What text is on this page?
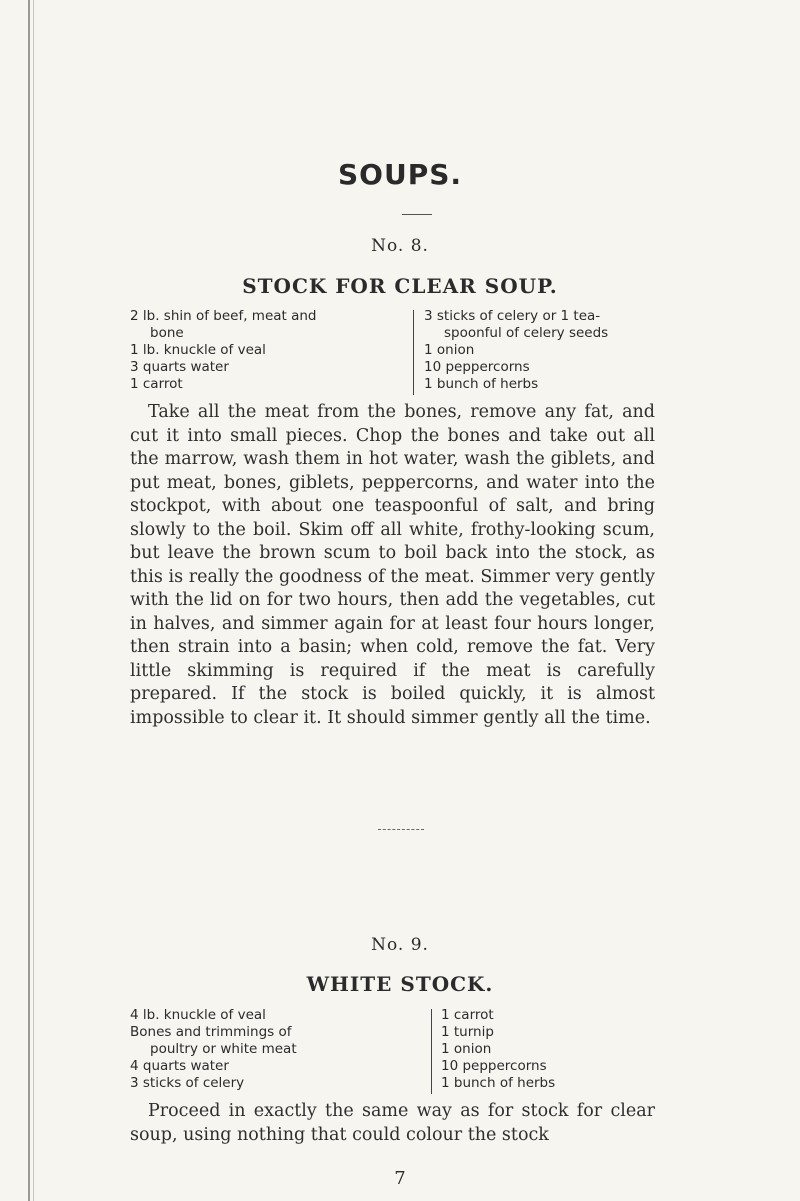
SOUPS.
No. 8.
STOCK FOR CLEAR SOUP.
2 lb. shin of beef, meat and
bone
1 lb. knuckle of veal
3 quarts water
1 carrot
3 sticks of celery or 1 tea-
spoonful of celery seeds
1 onion
10 peppercorns
1 bunch of herbs
Take all the meat from the bones, remove any fat, and cut it into small pieces. Chop the bones and take out all the marrow, wash them in hot water, wash the giblets, and put meat, bones, giblets, peppercorns, and water into the stockpot, with about one teaspoonful of salt, and bring slowly to the boil. Skim off all white, frothy-looking scum, but leave the brown scum to boil back into the stock, as this is really the goodness of the meat. Simmer very gently with the lid on for two hours, then add the vegetables, cut in halves, and simmer again for at least four hours longer, then strain into a basin; when cold, remove the fat. Very little skimming is required if the meat is carefully prepared. If the stock is boiled quickly, it is almost impossible to clear it. It should simmer gently all the time.
No. 9.
WHITE STOCK.
4 lb. knuckle of veal
Bones and trimmings of
poultry or white meat
4 quarts water
3 sticks of celery
1 carrot
1 turnip
1 onion
10 peppercorns
1 bunch of herbs
Proceed in exactly the same way as for stock for clear soup, using nothing that could colour the stock
7
